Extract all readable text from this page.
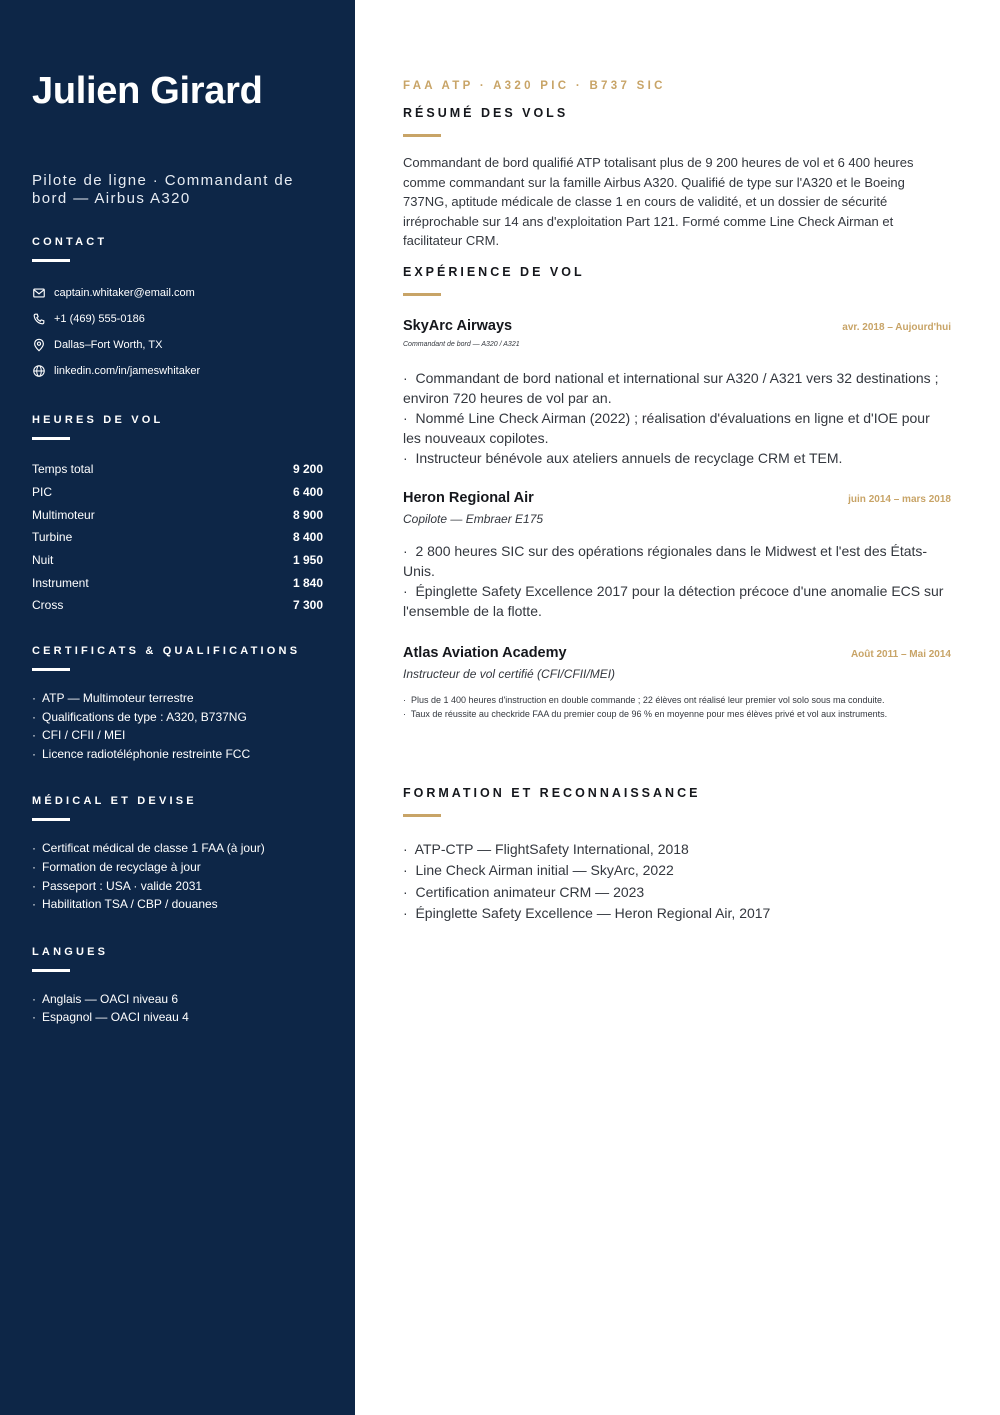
Julien Girard
Pilote de ligne · Commandant de bord — Airbus A320
CONTACT
captain.whitaker@email.com
+1 (469) 555-0186
Dallas–Fort Worth, TX
linkedin.com/in/jameswhitaker
HEURES DE VOL
Temps total	9 200
PIC	6 400
Multimoteur	8 900
Turbine	8 400
Nuit	1 950
Instrument	1 840
Cross	7 300
CERTIFICATS & QUALIFICATIONS
· ATP — Multimoteur terrestre
· Qualifications de type : A320, B737NG
· CFI / CFII / MEI
· Licence radiotéléphonie restreinte FCC
MÉDICAL ET DEVISE
· Certificat médical de classe 1 FAA (à jour)
· Formation de recyclage à jour
· Passeport : USA · valide 2031
· Habilitation TSA / CBP / douanes
LANGUES
· Anglais — OACI niveau 6
· Espagnol — OACI niveau 4
FAA ATP · A320 PIC · B737 SIC
RÉSUMÉ DES VOLS

Commandant de bord qualifié ATP totalisant plus de 9 200 heures de vol et 6 400 heures comme commandant sur la famille Airbus A320. Qualifié de type sur l'A320 et le Boeing 737NG, aptitude médicale de classe 1 en cours de validité, et un dossier de sécurité irréprochable sur 14 ans d'exploitation Part 121. Formé comme Line Check Airman et facilitateur CRM.

EXPÉRIENCE DE VOL
SkyArc Airways	avr. 2018 – Aujourd'hui
Commandant de bord — A320 / A321
·  Commandant de bord national et international sur A320 / A321 vers 32 destinations ; environ 720 heures de vol par an.
·  Nommé Line Check Airman (2022) ; réalisation d'évaluations en ligne et d'IOE pour les nouveaux copilotes.
·  Instructeur bénévole aux ateliers annuels de recyclage CRM et TEM.
Heron Regional Air	juin 2014 – mars 2018
Copilote — Embraer E175
·  2 800 heures SIC sur des opérations régionales dans le Midwest et l'est des États-Unis.
·  Épinglette Safety Excellence 2017 pour la détection précoce d'une anomalie ECS sur l'ensemble de la flotte.
Atlas Aviation Academy	Août 2011 – Mai 2014
Instructeur de vol certifié (CFI/CFII/MEI)
·  Plus de 1 400 heures d'instruction en double commande ; 22 élèves ont réalisé leur premier vol solo sous ma conduite.
·  Taux de réussite au checkride FAA du premier coup de 96 % en moyenne pour mes élèves privé et vol aux instruments.
FORMATION ET RECONNAISSANCE
·  ATP-CTP — FlightSafety International, 2018
·  Line Check Airman initial — SkyArc, 2022
·  Certification animateur CRM — 2023
·  Épinglette Safety Excellence — Heron Regional Air, 2017
